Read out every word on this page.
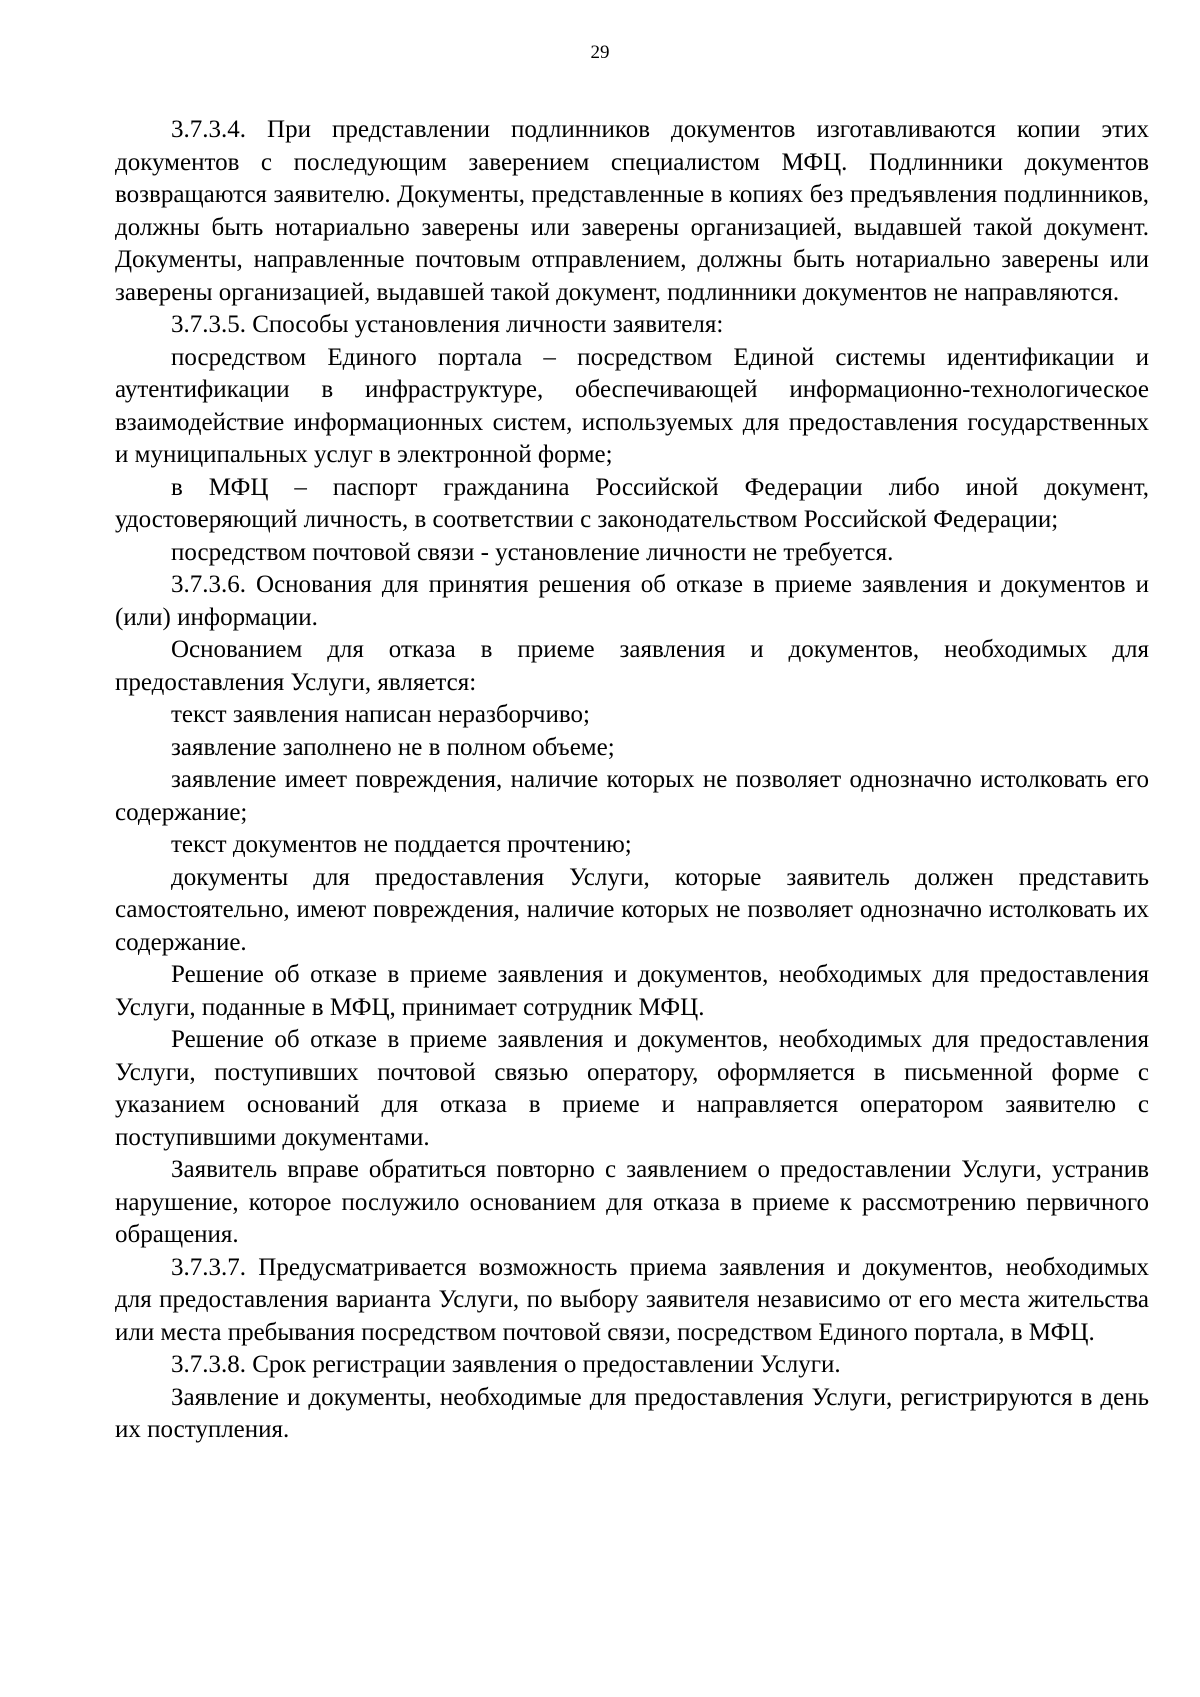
29

3.7.3.4. При представлении подлинников документов изготавливаются копии этих документов с последующим заверением специалистом МФЦ. Подлинники документов возвращаются заявителю. Документы, представленные в копиях без предъявления подлинников, должны быть нотариально заверены или заверены организацией, выдавшей такой документ. Документы, направленные почтовым отправлением, должны быть нотариально заверены или заверены организацией, выдавшей такой документ, подлинники документов не направляются.

3.7.3.5. Способы установления личности заявителя:

посредством Единого портала – посредством Единой системы идентификации и аутентификации в инфраструктуре, обеспечивающей информационно-технологическое взаимодействие информационных систем, используемых для предоставления государственных и муниципальных услуг в электронной форме;

в МФЦ – паспорт гражданина Российской Федерации либо иной документ, удостоверяющий личность, в соответствии с законодательством Российской Федерации;

посредством почтовой связи - установление личности не требуется.

3.7.3.6. Основания для принятия решения об отказе в приеме заявления и документов и (или) информации.

Основанием для отказа в приеме заявления и документов, необходимых для предоставления Услуги, является:

текст заявления написан неразборчиво;

заявление заполнено не в полном объеме;

заявление имеет повреждения, наличие которых не позволяет однозначно истолковать его содержание;

текст документов не поддается прочтению;

документы для предоставления Услуги, которые заявитель должен представить самостоятельно, имеют повреждения, наличие которых не позволяет однозначно истолковать их содержание.

Решение об отказе в приеме заявления и документов, необходимых для предоставления Услуги, поданные в МФЦ, принимает сотрудник МФЦ.

Решение об отказе в приеме заявления и документов, необходимых для предоставления Услуги, поступивших почтовой связью оператору, оформляется в письменной форме с указанием оснований для отказа в приеме и направляется оператором заявителю с поступившими документами.

Заявитель вправе обратиться повторно с заявлением о предоставлении Услуги, устранив нарушение, которое послужило основанием для отказа в приеме к рассмотрению первичного обращения.

3.7.3.7. Предусматривается возможность приема заявления и документов, необходимых для предоставления варианта Услуги, по выбору заявителя независимо от его места жительства или места пребывания посредством почтовой связи, посредством Единого портала, в МФЦ.

3.7.3.8. Срок регистрации заявления о предоставлении Услуги.

Заявление и документы, необходимые для предоставления Услуги, регистрируются в день их поступления.
